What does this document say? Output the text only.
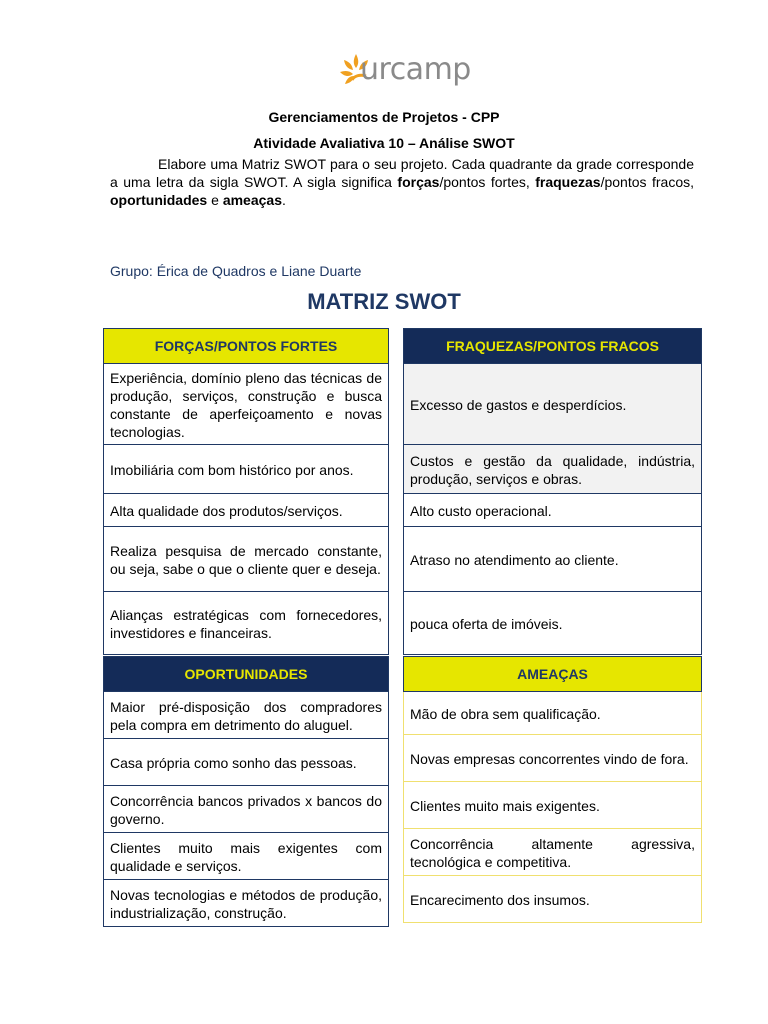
urcamp
Gerenciamentos de Projetos - CPP
Atividade Avaliativa 10 – Análise SWOT
Elabore uma Matriz SWOT para o seu projeto. Cada quadrante da grade corresponde a uma letra da sigla SWOT. A sigla significa forças/pontos fortes, fraquezas/pontos fracos, oportunidades e ameaças.
Grupo: Érica de Quadros e Liane Duarte
MATRIZ SWOT
FORÇAS/PONTOS FORTES
Experiência, domínio pleno das técnicas de produção, serviços, construção e busca constante de aperfeiçoamento e novas tecnologias.
Imobiliária com bom histórico por anos.
Alta qualidade dos produtos/serviços.
Realiza pesquisa de mercado constante, ou seja, sabe o que o cliente quer e deseja.
Alianças estratégicas com fornecedores, investidores e financeiras.
FRAQUEZAS/PONTOS FRACOS
Excesso de gastos e desperdícios.
Custos e gestão da qualidade, indústria, produção, serviços e obras.
Alto custo operacional.
Atraso no atendimento ao cliente.
pouca oferta de imóveis.
OPORTUNIDADES
Maior pré-disposição dos compradores pela compra em detrimento do aluguel.
Casa própria como sonho das pessoas.
Concorrência bancos privados x bancos do governo.
Clientes muito mais exigentes com qualidade e serviços.
Novas tecnologias e métodos de produção, industrialização, construção.
AMEAÇAS
Mão de obra sem qualificação.
Novas empresas concorrentes vindo de fora.
Clientes muito mais exigentes.
Concorrência altamente agressiva, tecnológica e competitiva.
Encarecimento dos insumos.
